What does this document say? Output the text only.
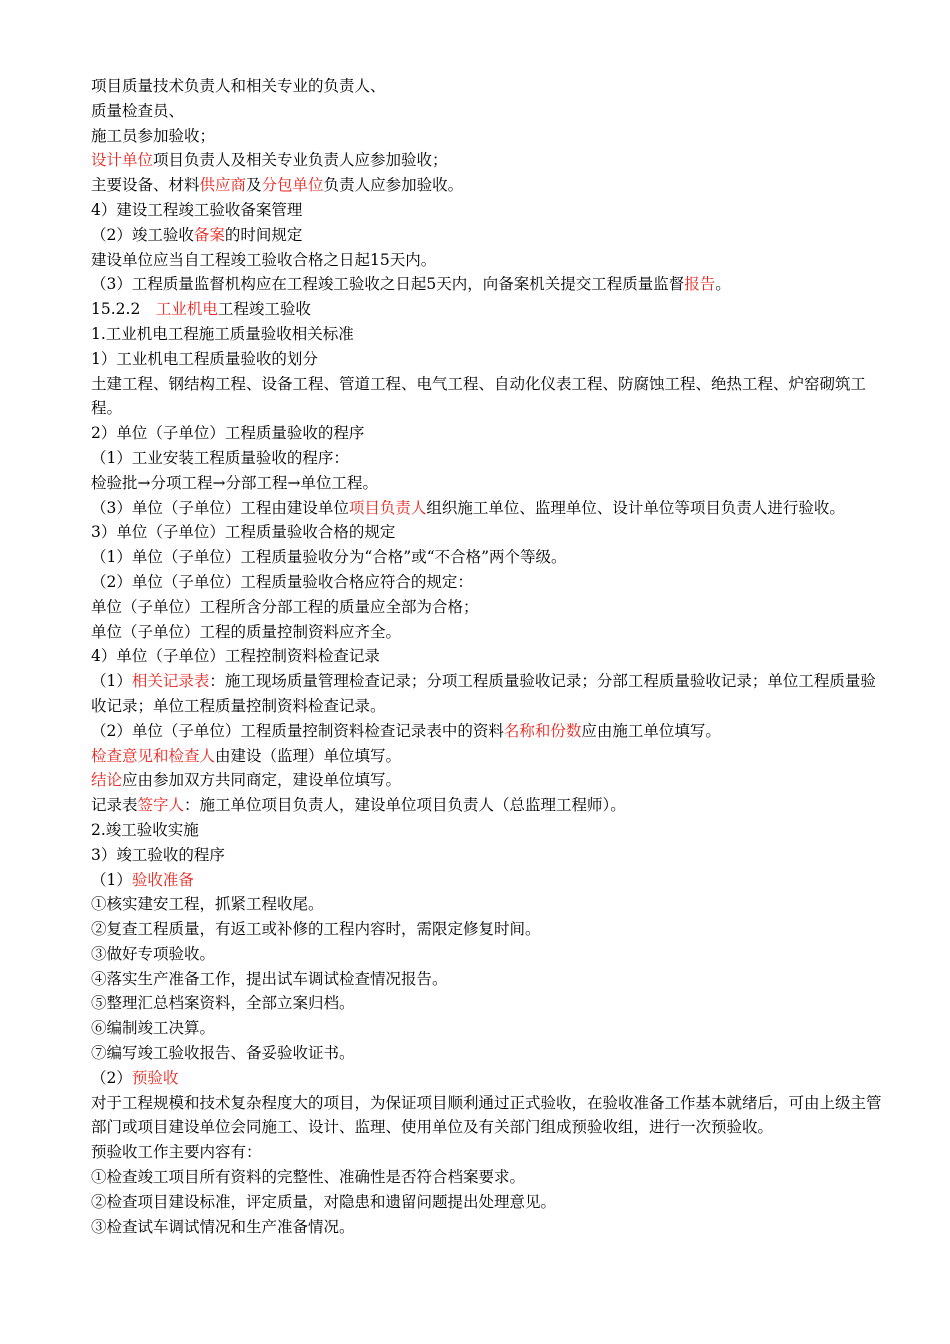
项目质量技术负责人和相关专业的负责人、
质量检查员、
施工员参加验收；
设计单位项目负责人及相关专业负责人应参加验收；
主要设备、材料供应商及分包单位负责人应参加验收。
4）建设工程竣工验收备案管理
（2）竣工验收备案的时间规定
建设单位应当自工程竣工验收合格之日起15天内。
（3）工程质量监督机构应在工程竣工验收之日起5天内，向备案机关提交工程质量监督报告。
15.2.2　工业机电工程竣工验收
1.工业机电工程施工质量验收相关标准
1）工业机电工程质量验收的划分
土建工程、钢结构工程、设备工程、管道工程、电气工程、自动化仪表工程、防腐蚀工程、绝热工程、炉窑砌筑工程。
2）单位（子单位）工程质量验收的程序
（1）工业安装工程质量验收的程序：
检验批→分项工程→分部工程→单位工程。
（3）单位（子单位）工程由建设单位项目负责人组织施工单位、监理单位、设计单位等项目负责人进行验收。
3）单位（子单位）工程质量验收合格的规定
（1）单位（子单位）工程质量验收分为“合格”或“不合格”两个等级。
（2）单位（子单位）工程质量验收合格应符合的规定：
单位（子单位）工程所含分部工程的质量应全部为合格；
单位（子单位）工程的质量控制资料应齐全。
4）单位（子单位）工程控制资料检查记录
（1）相关记录表：施工现场质量管理检查记录；分项工程质量验收记录；分部工程质量验收记录；单位工程质量验收记录；单位工程质量控制资料检查记录。
（2）单位（子单位）工程质量控制资料检查记录表中的资料名称和份数应由施工单位填写。
检查意见和检查人由建设（监理）单位填写。
结论应由参加双方共同商定，建设单位填写。
记录表签字人：施工单位项目负责人，建设单位项目负责人（总监理工程师）。
2.竣工验收实施
3）竣工验收的程序
（1）验收准备
①核实建安工程，抓紧工程收尾。
②复查工程质量，有返工或补修的工程内容时，需限定修复时间。
③做好专项验收。
④落实生产准备工作，提出试车调试检查情况报告。
⑤整理汇总档案资料，全部立案归档。
⑥编制竣工决算。
⑦编写竣工验收报告、备妥验收证书。
（2）预验收
对于工程规模和技术复杂程度大的项目，为保证项目顺利通过正式验收，在验收准备工作基本就绪后，可由上级主管部门或项目建设单位会同施工、设计、监理、使用单位及有关部门组成预验收组，进行一次预验收。
预验收工作主要内容有：
①检查竣工项目所有资料的完整性、准确性是否符合档案要求。
②检查项目建设标准，评定质量，对隐患和遗留问题提出处理意见。
③检查试车调试情况和生产准备情况。
